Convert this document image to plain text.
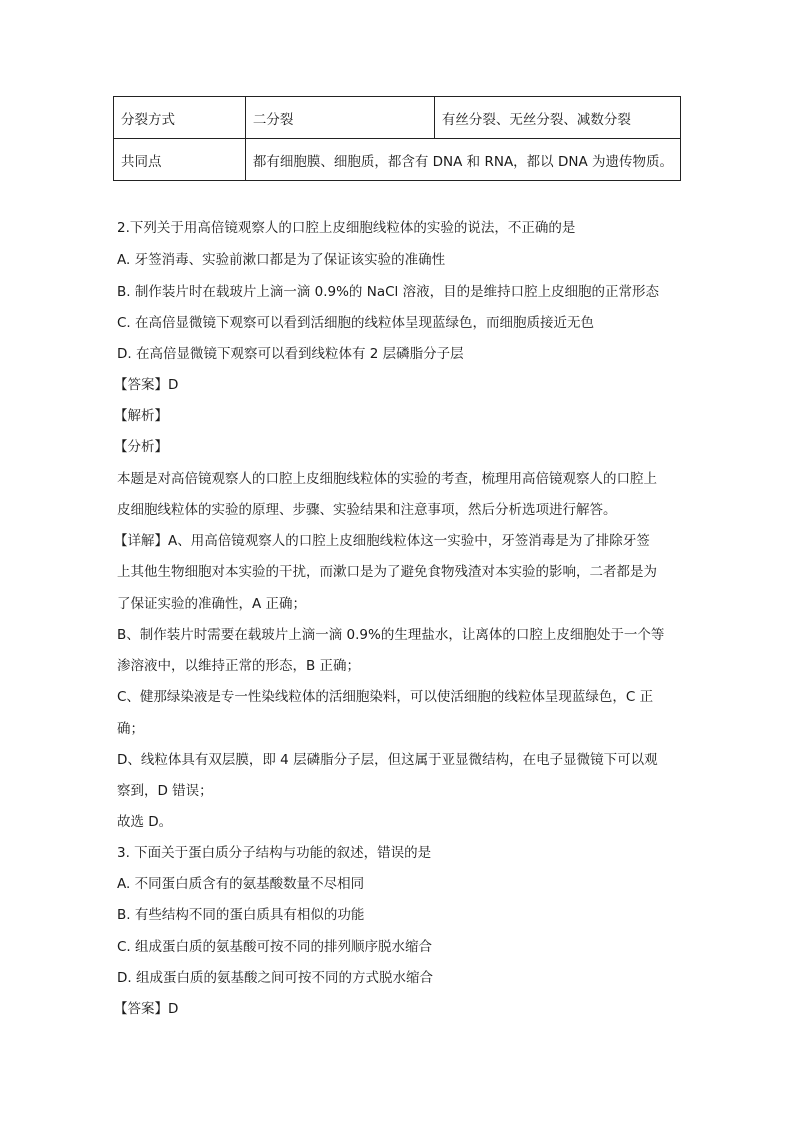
分裂方式	二分裂	有丝分裂、无丝分裂、减数分裂
共同点	都有细胞膜、细胞质，都含有 DNA 和 RNA，都以 DNA 为遗传物质。	
2.下列关于用高倍镜观察人的口腔上皮细胞线粒体的实验的说法，不正确的是
A. 牙签消毒、实验前漱口都是为了保证该实验的准确性
B. 制作装片时在载玻片上滴一滴 0.9%的 NaCl 溶液，目的是维持口腔上皮细胞的正常形态
C. 在高倍显微镜下观察可以看到活细胞的线粒体呈现蓝绿色，而细胞质接近无色
D. 在高倍显微镜下观察可以看到线粒体有 2 层磷脂分子层
【答案】D
【解析】
【分析】
本题是对高倍镜观察人的口腔上皮细胞线粒体的实验的考查，梳理用高倍镜观察人的口腔上
皮细胞线粒体的实验的原理、步骤、实验结果和注意事项，然后分析选项进行解答。
【详解】A、用高倍镜观察人的口腔上皮细胞线粒体这一实验中，牙签消毒是为了排除牙签
上其他生物细胞对本实验的干扰，而漱口是为了避免食物残渣对本实验的影响，二者都是为
了保证实验的准确性，A 正确；
B、制作装片时需要在载玻片上滴一滴 0.9%的生理盐水，让离体的口腔上皮细胞处于一个等
渗溶液中，以维持正常的形态，B 正确；
C、健那绿染液是专一性染线粒体的活细胞染料，可以使活细胞的线粒体呈现蓝绿色，C 正
确；
D、线粒体具有双层膜，即 4 层磷脂分子层，但这属于亚显微结构，在电子显微镜下可以观
察到，D 错误；
故选 D。
3. 下面关于蛋白质分子结构与功能的叙述，错误的是
A. 不同蛋白质含有的氨基酸数量不尽相同
B. 有些结构不同的蛋白质具有相似的功能
C. 组成蛋白质的氨基酸可按不同的排列顺序脱水缩合
D. 组成蛋白质的氨基酸之间可按不同的方式脱水缩合
【答案】D
